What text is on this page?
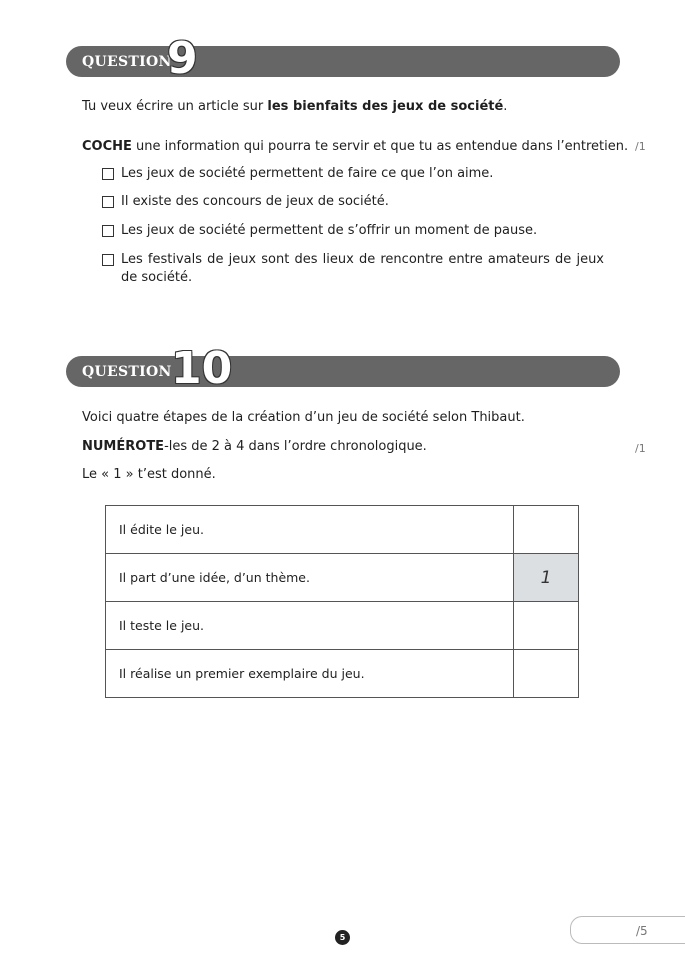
QUESTION
9
Tu veux écrire un article sur les bienfaits des jeux de société.
COCHE une information qui pourra te servir et que tu as entendue dans l’entretien. /1
Les jeux de société permettent de faire ce que l’on aime.
Il existe des concours de jeux de société.
Les jeux de société permettent de s’offrir un moment de pause.
Les festivals de jeux sont des lieux de rencontre entre amateurs de jeux de société.
QUESTION 10
Voici quatre étapes de la création d’un jeu de société selon Thibaut.
NUMÉROTE-les de 2 à 4 dans l’ordre chronologique.	/1
Le « 1 » t’est donné.
Il édite le jeu.	
Il part d’une idée, d’un thème.	1
Il teste le jeu.	
Il réalise un premier exemplaire du jeu.	
5	/5
